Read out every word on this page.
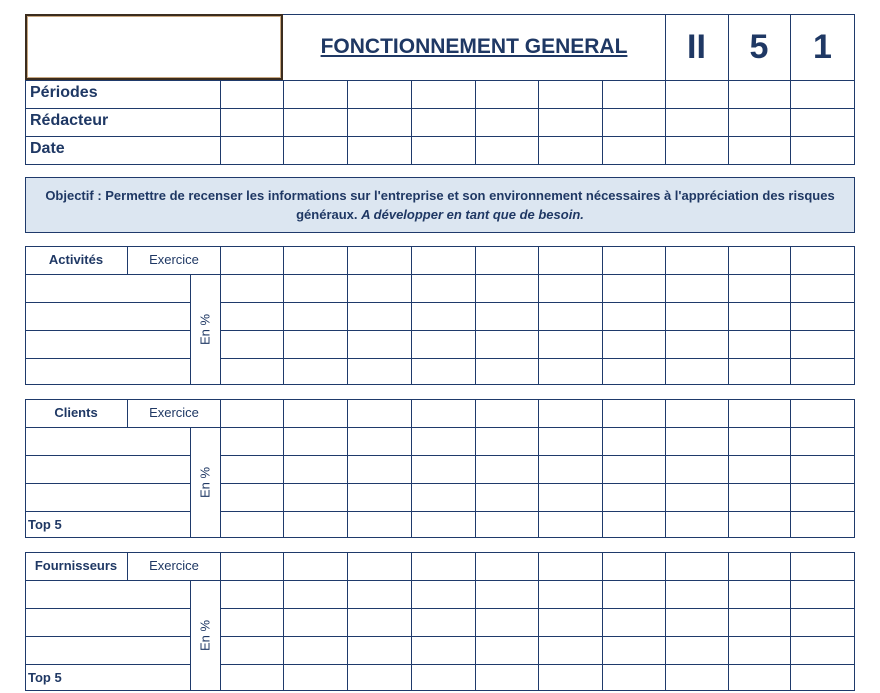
FONCTIONNEMENT GENERAL	II	5	1
Périodes
Rédacteur
Date
Objectif : Permettre de recenser les informations sur l'entreprise et son environnement nécessaires à l'appréciation des risques généraux. A développer en tant que de besoin.
Activités	Exercice
En %
Clients	Exercice
En %
Top 5
Fournisseurs	Exercice
En %
Top 5
